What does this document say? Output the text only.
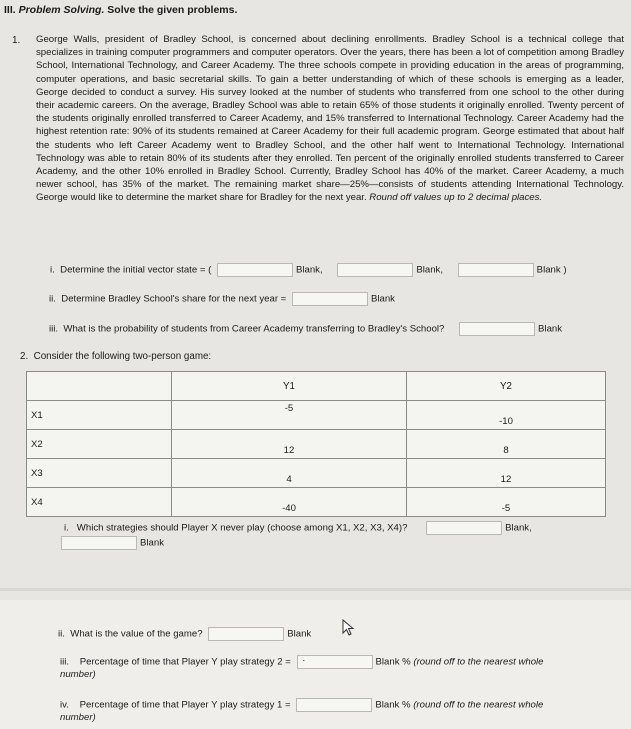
III. Problem Solving. Solve the given problems.
1. George Walls, president of Bradley School, is concerned about declining enrollments. Bradley School is a technical college that specializes in training computer programmers and computer operators. Over the years, there has been a lot of competition among Bradley School, International Technology, and Career Academy. The three schools compete in providing education in the areas of programming, computer operations, and basic secretarial skills. To gain a better understanding of which of these schools is emerging as a leader, George decided to conduct a survey. His survey looked at the number of students who transferred from one school to the other during their academic careers. On the average, Bradley School was able to retain 65% of those students it originally enrolled. Twenty percent of the students originally enrolled transferred to Career Academy, and 15% transferred to International Technology. Career Academy had the highest retention rate: 90% of its students remained at Career Academy for their full academic program. George estimated that about half the students who left Career Academy went to Bradley School, and the other half went to International Technology. International Technology was able to retain 80% of its students after they enrolled. Ten percent of the originally enrolled students transferred to Career Academy, and the other 10% enrolled in Bradley School. Currently, Bradley School has 40% of the market. Career Academy, a much newer school, has 35% of the market. The remaining market share—25%—consists of students attending International Technology. George would like to determine the market share for Bradley for the next year. Round off values up to 2 decimal places.
i. Determine the initial vector state = (	Blank,	Blank,	Blank )
ii. Determine Bradley School's share for the next year =	Blank
iii. What is the probability of students from Career Academy transferring to Bradley's School?	Blank
2. Consider the following two-person game:
	Y1	Y2
X1	-5	-10

X2	12	8

X3	4	12

X4	-40	-5
i. Which strategies should Player X never play (choose among X1, X2, X3, X4)?	Blank,
Blank
ii. What is the value of the game?	Blank
iii. Percentage of time that Player Y play strategy 2 = .	Blank % (round off to the nearest whole
number)
iv. Percentage of time that Player Y play strategy 1 =	Blank % (round off to the nearest whole
number)
